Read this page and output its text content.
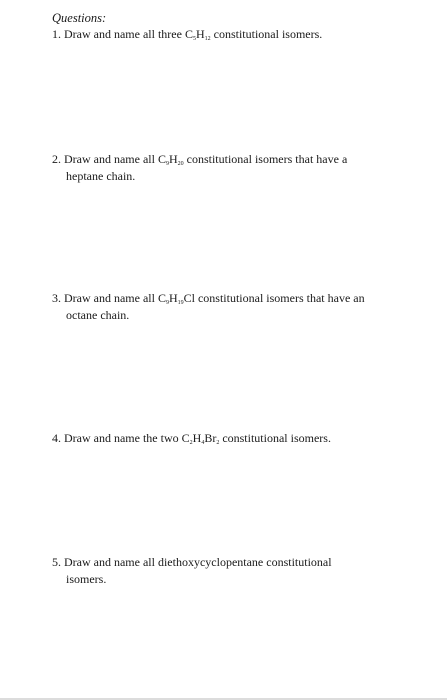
Questions:
1. Draw and name all three $C_5H_{12}$ constitutional isomers.
2. Draw and name all $C_9H_{20}$ constitutional isomers that have a
heptane chain.
3. Draw and name all $C_9H_{19}Cl$ constitutional isomers that have an
octane chain.
4. Draw and name the two $C_2H_4Br_2$ constitutional isomers.
5. Draw and name all diethoxycyclopentane constitutional
isomers.
